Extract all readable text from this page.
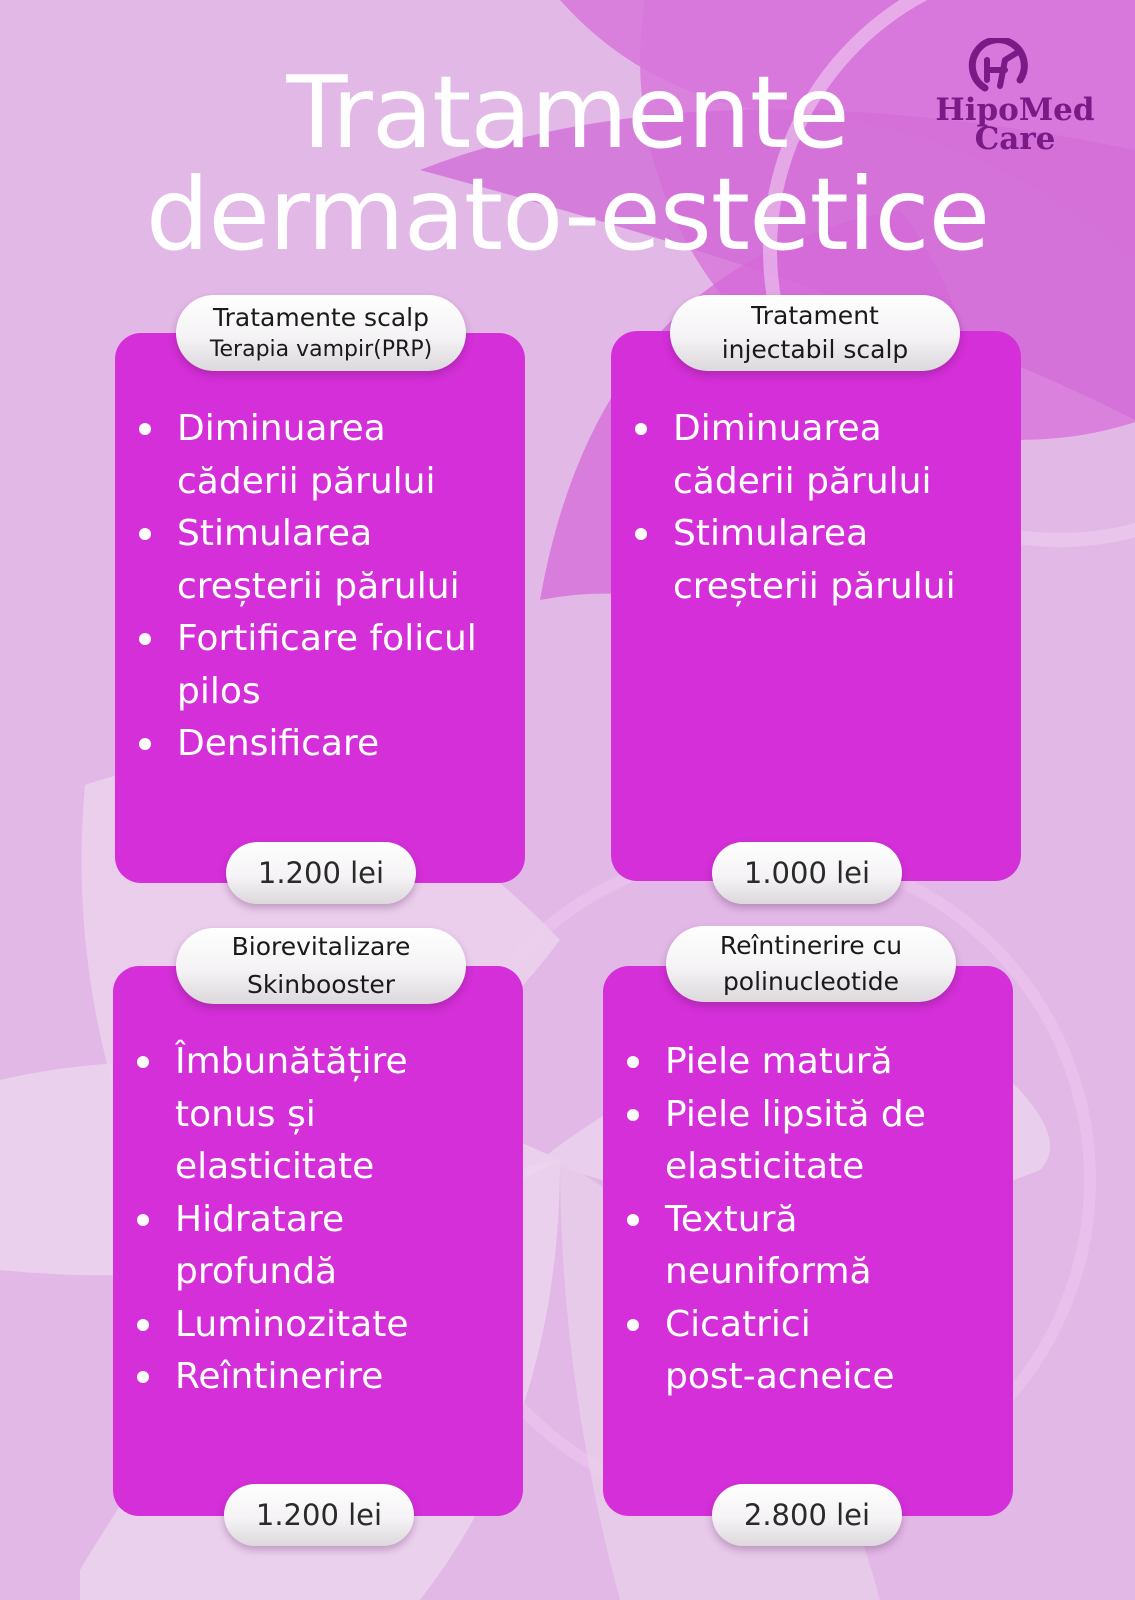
Tratamente
dermato-estetice
HipoMed
Care
Diminuarea
căderii părului
Stimularea
creșterii părului
Fortificare folicul
pilos
Densificare
Tratamente scalp
Terapia vampir(PRP)
1.200 lei
Diminuarea
căderii părului
Stimularea
creșterii părului
Tratament
injectabil scalp
1.000 lei
Îmbunătățire
tonus și
elasticitate
Hidratare
profundă
Luminozitate
Reîntinerire
Biorevitalizare
Skinbooster
1.200 lei
Piele matură
Piele lipsită de
elasticitate
Textură
neuniformă
Cicatrici
post-acneice
Reîntinerire cu
polinucleotide
2.800 lei
